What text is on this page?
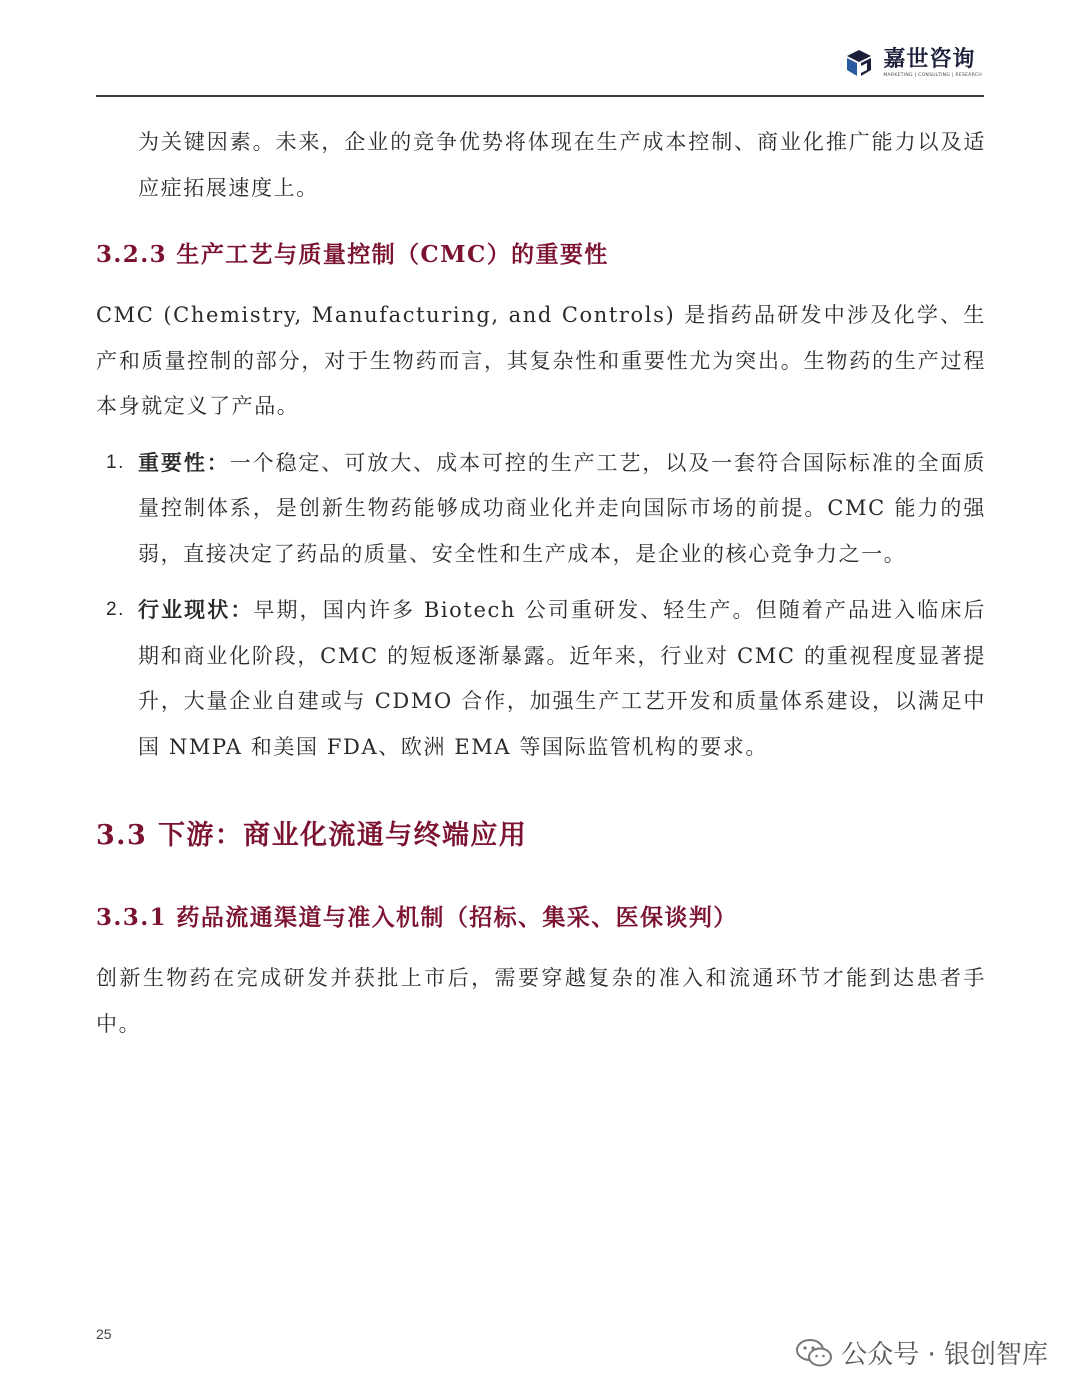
嘉世咨询
MARKETING | CONSULTING | RESEARCH

为关键因素。未来，企业的竞争优势将体现在生产成本控制、商业化推广能力以及适应症拓展速度上。

3.2.3 生产工艺与质量控制（CMC）的重要性

CMC (Chemistry, Manufacturing, and Controls) 是指药品研发中涉及化学、生产和质量控制的部分，对于生物药而言，其复杂性和重要性尤为突出。生物药的生产过程本身就定义了产品。

1. 重要性：一个稳定、可放大、成本可控的生产工艺，以及一套符合国际标准的全面质量控制体系，是创新生物药能够成功商业化并走向国际市场的前提。CMC 能力的强弱，直接决定了药品的质量、安全性和生产成本，是企业的核心竞争力之一。
2. 行业现状：早期，国内许多 Biotech 公司重研发、轻生产。但随着产品进入临床后期和商业化阶段，CMC 的短板逐渐暴露。近年来，行业对 CMC 的重视程度显著提升，大量企业自建或与 CDMO 合作，加强生产工艺开发和质量体系建设，以满足中国 NMPA 和美国 FDA、欧洲 EMA 等国际监管机构的要求。
3.3 下游：商业化流通与终端应用
3.3.1 药品流通渠道与准入机制（招标、集采、医保谈判）

创新生物药在完成研发并获批上市后，需要穿越复杂的准入和流通环节才能到达患者手中。

25
公众号 · 银创智库
